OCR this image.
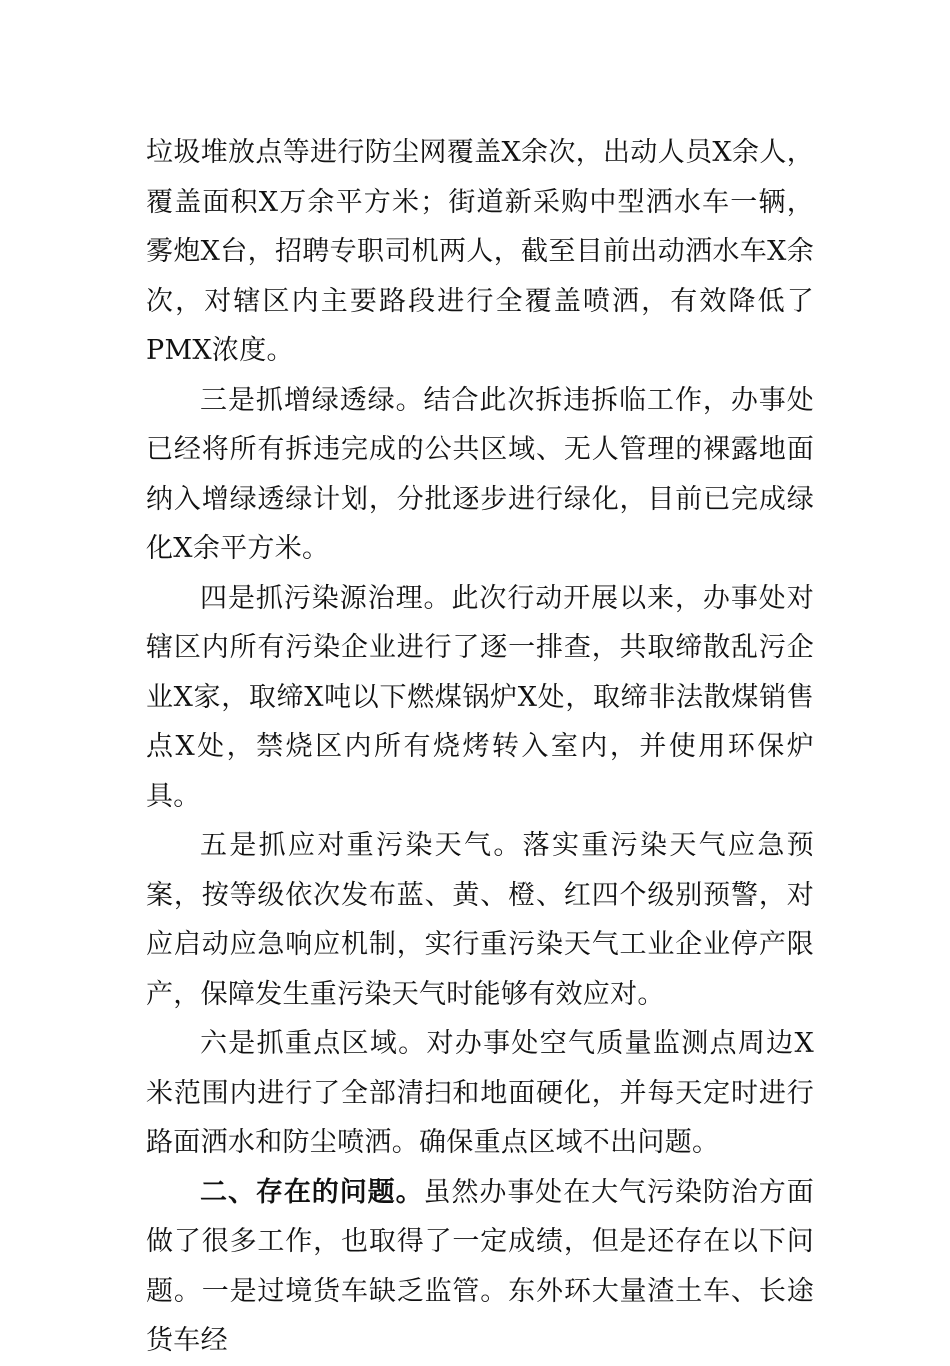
垃圾堆放点等进行防尘网覆盖X余次，出动人员X余人，覆盖面积X万余平方米；街道新采购中型洒水车一辆，雾炮X台，招聘专职司机两人，截至目前出动洒水车X余次，对辖区内主要路段进行全覆盖喷洒，有效降低了PMX浓度。

三是抓增绿透绿。结合此次拆违拆临工作，办事处已经将所有拆违完成的公共区域、无人管理的裸露地面纳入增绿透绿计划，分批逐步进行绿化，目前已完成绿化X余平方米。

四是抓污染源治理。此次行动开展以来，办事处对辖区内所有污染企业进行了逐一排查，共取缔散乱污企业X家，取缔X吨以下燃煤锅炉X处，取缔非法散煤销售点X处，禁烧区内所有烧烤转入室内，并使用环保炉具。

五是抓应对重污染天气。落实重污染天气应急预案，按等级依次发布蓝、黄、橙、红四个级别预警，对应启动应急响应机制，实行重污染天气工业企业停产限产，保障发生重污染天气时能够有效应对。

六是抓重点区域。对办事处空气质量监测点周边X米范围内进行了全部清扫和地面硬化，并每天定时进行路面洒水和防尘喷洒。确保重点区域不出问题。

二、存在的问题。虽然办事处在大气污染防治方面做了很多工作，也取得了一定成绩，但是还存在以下问题。一是过境货车缺乏监管。东外环大量渣土车、长途货车经
